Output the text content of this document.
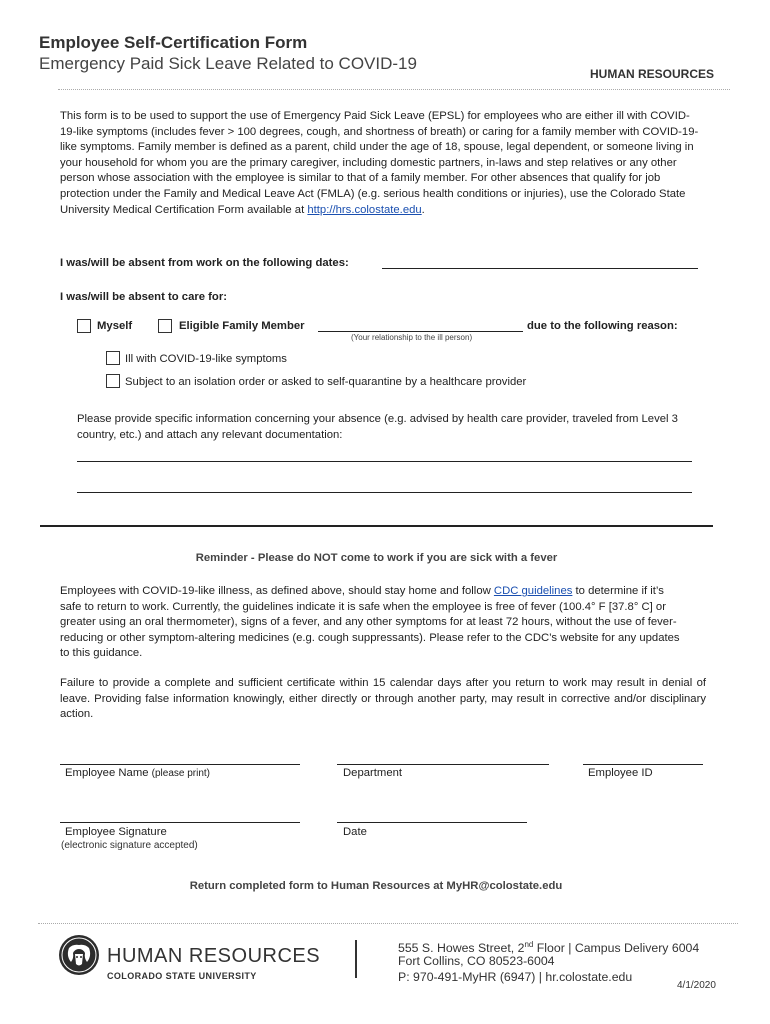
Employee Self-Certification Form
Emergency Paid Sick Leave Related to COVID-19
HUMAN RESOURCES
This form is to be used to support the use of Emergency Paid Sick Leave (EPSL) for employees who are either ill with COVID-19-like symptoms (includes fever > 100 degrees, cough, and shortness of breath) or caring for a family member with COVID-19-like symptoms. Family member is defined as a parent, child under the age of 18, spouse, legal dependent, or someone living in your household for whom you are the primary caregiver, including domestic partners, in-laws and step relatives or any other person whose association with the employee is similar to that of a family member. For other absences that qualify for job protection under the Family and Medical Leave Act (FMLA) (e.g. serious health conditions or injuries), use the Colorado State University Medical Certification Form available at http://hrs.colostate.edu.
I was/will be absent from work on the following dates:
I was/will be absent to care for:
Myself	Eligible Family Member	due to the following reason:
(Your relationship to the ill person)
Ill with COVID-19-like symptoms
Subject to an isolation order or asked to self-quarantine by a healthcare provider
Please provide specific information concerning your absence (e.g. advised by health care provider, traveled from Level 3 country, etc.) and attach any relevant documentation:
Reminder - Please do NOT come to work if you are sick with a fever
Employees with COVID-19-like illness, as defined above, should stay home and follow CDC guidelines to determine if it’s safe to return to work. Currently, the guidelines indicate it is safe when the employee is free of fever (100.4° F [37.8° C] or greater using an oral thermometer), signs of a fever, and any other symptoms for at least 72 hours, without the use of fever-reducing or other symptom-altering medicines (e.g. cough suppressants). Please refer to the CDC’s website for any updates to this guidance.
Failure to provide a complete and sufficient certificate within 15 calendar days after you return to work may result in denial of leave. Providing false information knowingly, either directly or through another party, may result in corrective and/or disciplinary action.
Employee Name (please print)	Department	Employee ID
Employee Signature	Date
(electronic signature accepted)
Return completed form to Human Resources at MyHR@colostate.edu
HUMAN RESOURCES
COLORADO STATE UNIVERSITY
555 S. Howes Street, 2nd Floor | Campus Delivery 6004
Fort Collins, CO 80523-6004
P: 970-491-MyHR (6947) | hr.colostate.edu
4/1/2020
